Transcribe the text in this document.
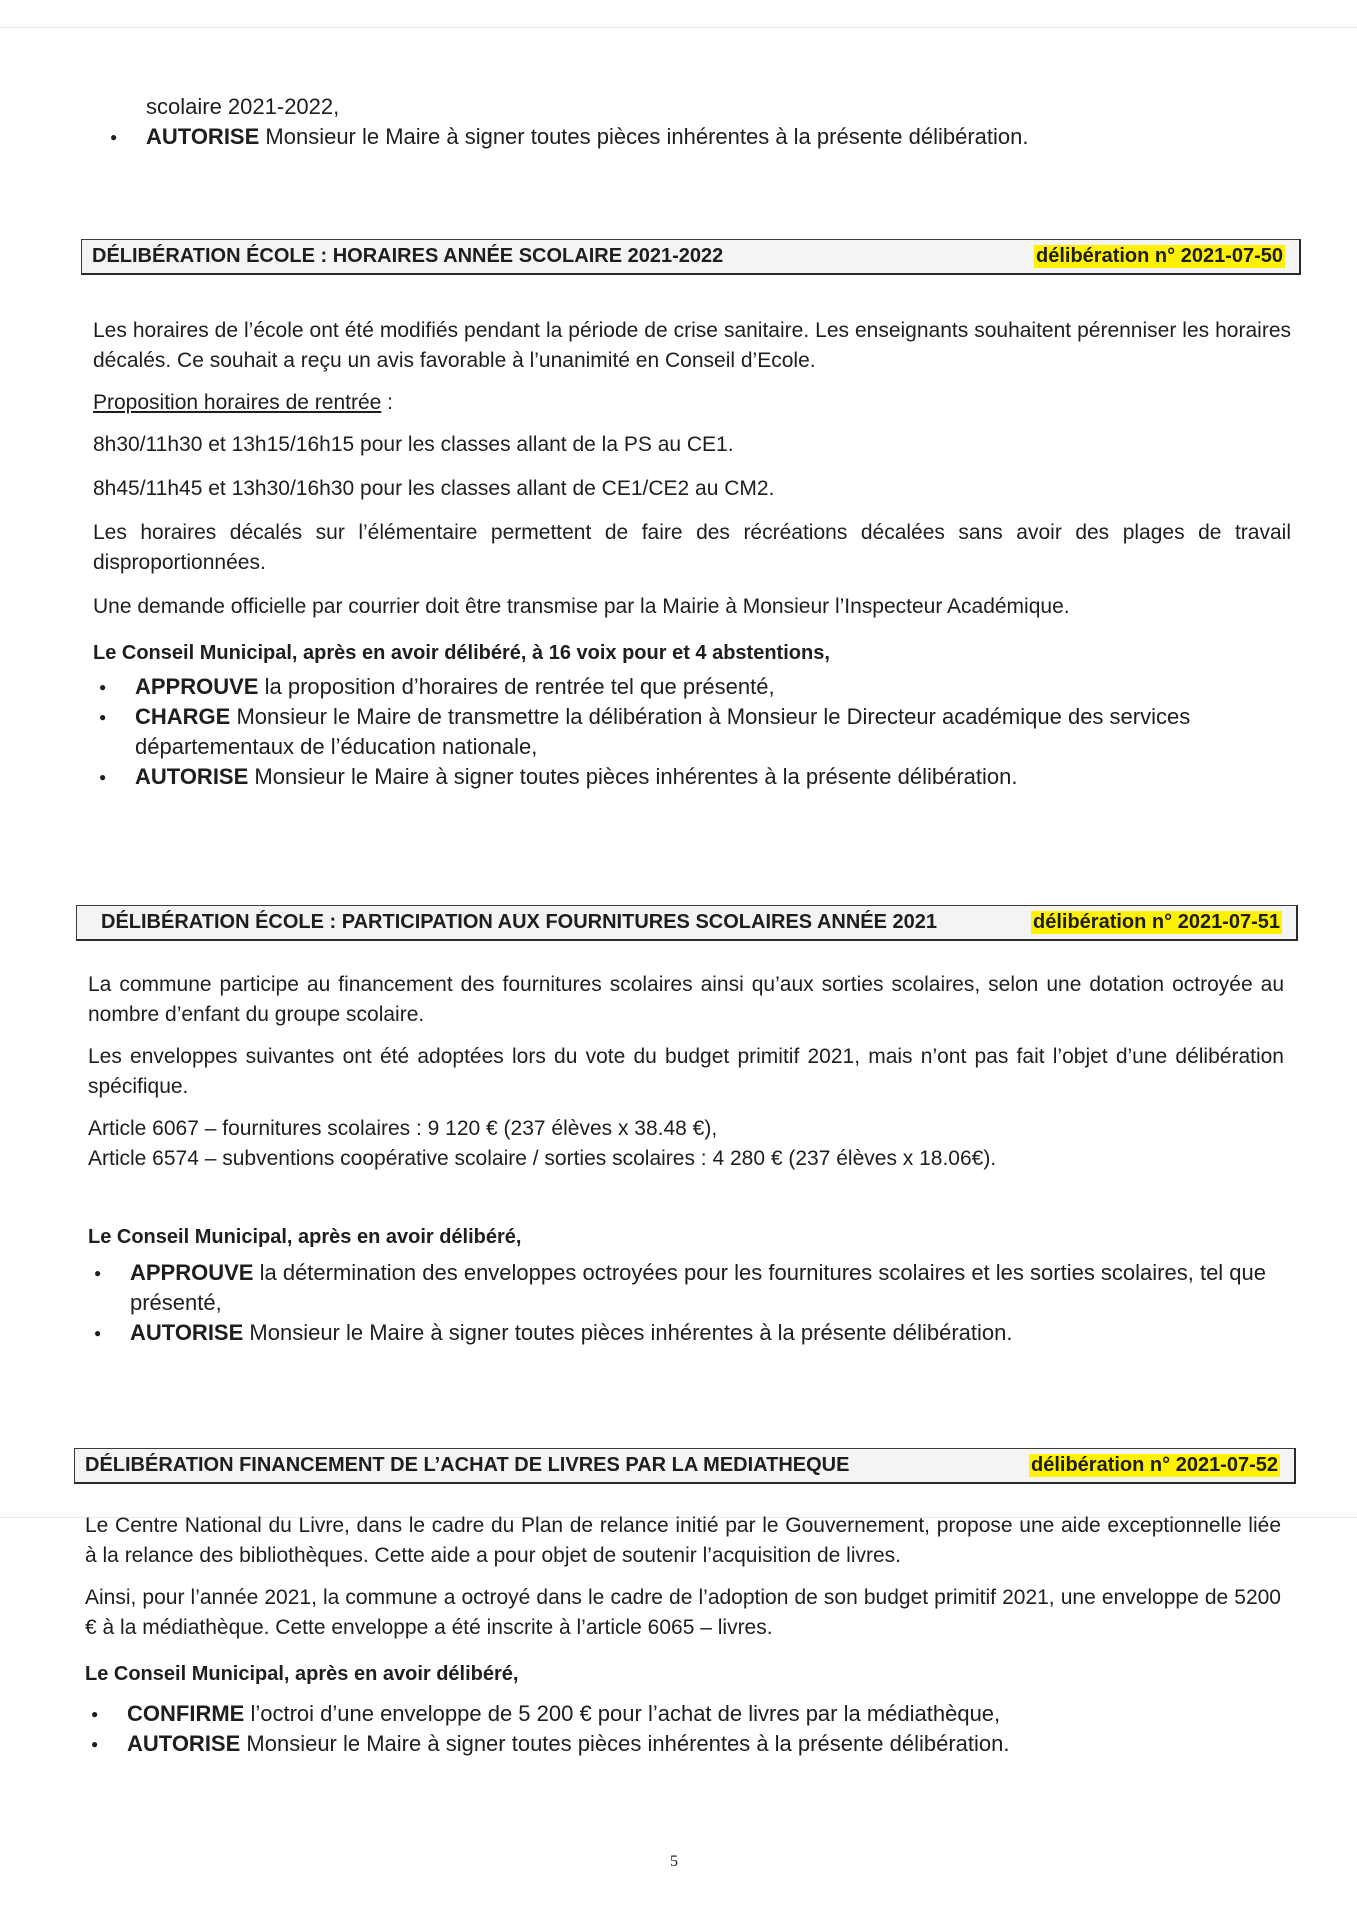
scolaire 2021-2022,

● AUTORISE Monsieur le Maire à signer toutes pièces inhérentes à la présente délibération.
DÉLIBÉRATION ÉCOLE : HORAIRES ANNÉE SCOLAIRE 2021-2022	délibération n° 2021-07-50

Les horaires de l’école ont été modifiés pendant la période de crise sanitaire. Les enseignants souhaitent pérenniser les horaires décalés. Ce souhait a reçu un avis favorable à l’unanimité en Conseil d’Ecole.

Proposition horaires de rentrée :

8h30/11h30 et 13h15/16h15 pour les classes allant de la PS au CE1.

8h45/11h45 et 13h30/16h30 pour les classes allant de CE1/CE2 au CM2.

Les horaires décalés sur l’élémentaire permettent de faire des récréations décalées sans avoir des plages de travail disproportionnées.

Une demande officielle par courrier doit être transmise par la Mairie à Monsieur l’Inspecteur Académique.

Le Conseil Municipal, après en avoir délibéré, à 16 voix pour et 4 abstentions,

● APPROUVE la proposition d’horaires de rentrée tel que présenté,
● CHARGE Monsieur le Maire de transmettre la délibération à Monsieur le Directeur académique des services départementaux de l’éducation nationale,
● AUTORISE Monsieur le Maire à signer toutes pièces inhérentes à la présente délibération.
DÉLIBÉRATION ÉCOLE : PARTICIPATION AUX FOURNITURES SCOLAIRES ANNÉE 2021	délibération n° 2021-07-51

La commune participe au financement des fournitures scolaires ainsi qu’aux sorties scolaires, selon une dotation octroyée au nombre d’enfant du groupe scolaire.

Les enveloppes suivantes ont été adoptées lors du vote du budget primitif 2021, mais n’ont pas fait l’objet d’une délibération spécifique.

Article 6067 – fournitures scolaires : 9 120 € (237 élèves x 38.48 €),

Article 6574 – subventions coopérative scolaire / sorties scolaires : 4 280 € (237 élèves x 18.06€).

Le Conseil Municipal, après en avoir délibéré,

● APPROUVE la détermination des enveloppes octroyées pour les fournitures scolaires et les sorties scolaires, tel que présenté,
● AUTORISE Monsieur le Maire à signer toutes pièces inhérentes à la présente délibération.
DÉLIBÉRATION FINANCEMENT DE L’ACHAT DE LIVRES PAR LA MEDIATHEQUE	délibération n° 2021-07-52

Le Centre National du Livre, dans le cadre du Plan de relance initié par le Gouvernement, propose une aide exceptionnelle liée à la relance des bibliothèques. Cette aide a pour objet de soutenir l’acquisition de livres.

Ainsi, pour l’année 2021, la commune a octroyé dans le cadre de l’adoption de son budget primitif 2021, une enveloppe de 5200 € à la médiathèque. Cette enveloppe a été inscrite à l’article 6065 – livres.

Le Conseil Municipal, après en avoir délibéré,

● CONFIRME l’octroi d’une enveloppe de 5 200 € pour l’achat de livres par la médiathèque,
● AUTORISE Monsieur le Maire à signer toutes pièces inhérentes à la présente délibération.
5
